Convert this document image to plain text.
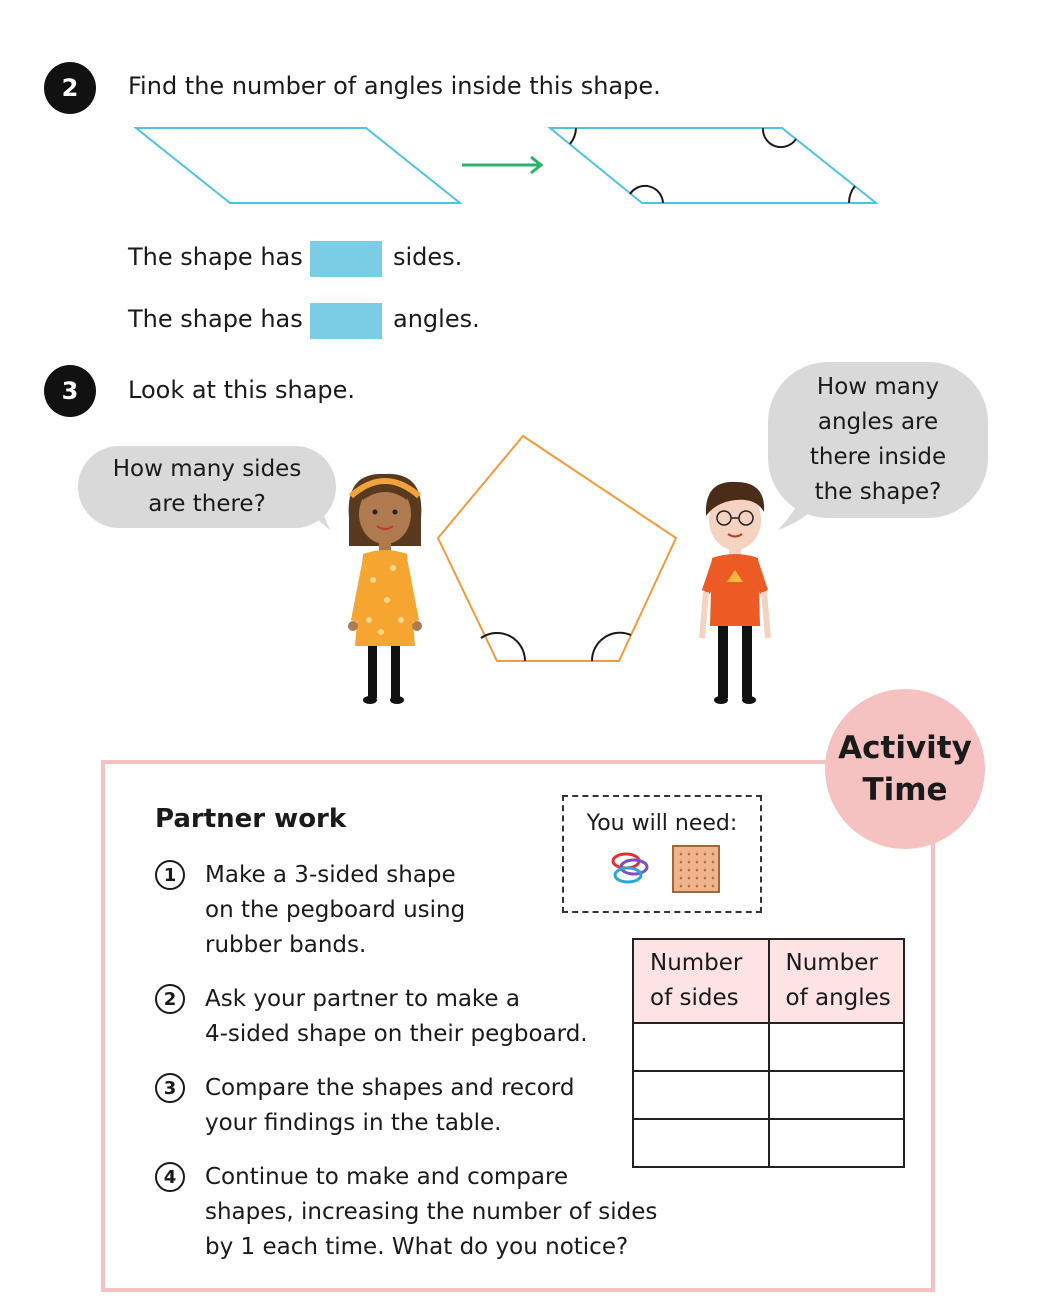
2	Find the number of angles inside this shape.
The shape has	sides.
The shape has	angles.
3	Look at this shape.
How many sides
are there?
How many
angles are
there inside
the shape?
Activity
Time
Partner work
1	Make a 3-sided shape
on the pegboard using
rubber bands.
2	Ask your partner to make a
4-sided shape on their pegboard.
3	Compare the shapes and record
your findings in the table.
4	Continue to make and compare
shapes, increasing the number of sides
by 1 each time. What do you notice?
You will need:
Number
of sides	Number
of angles
